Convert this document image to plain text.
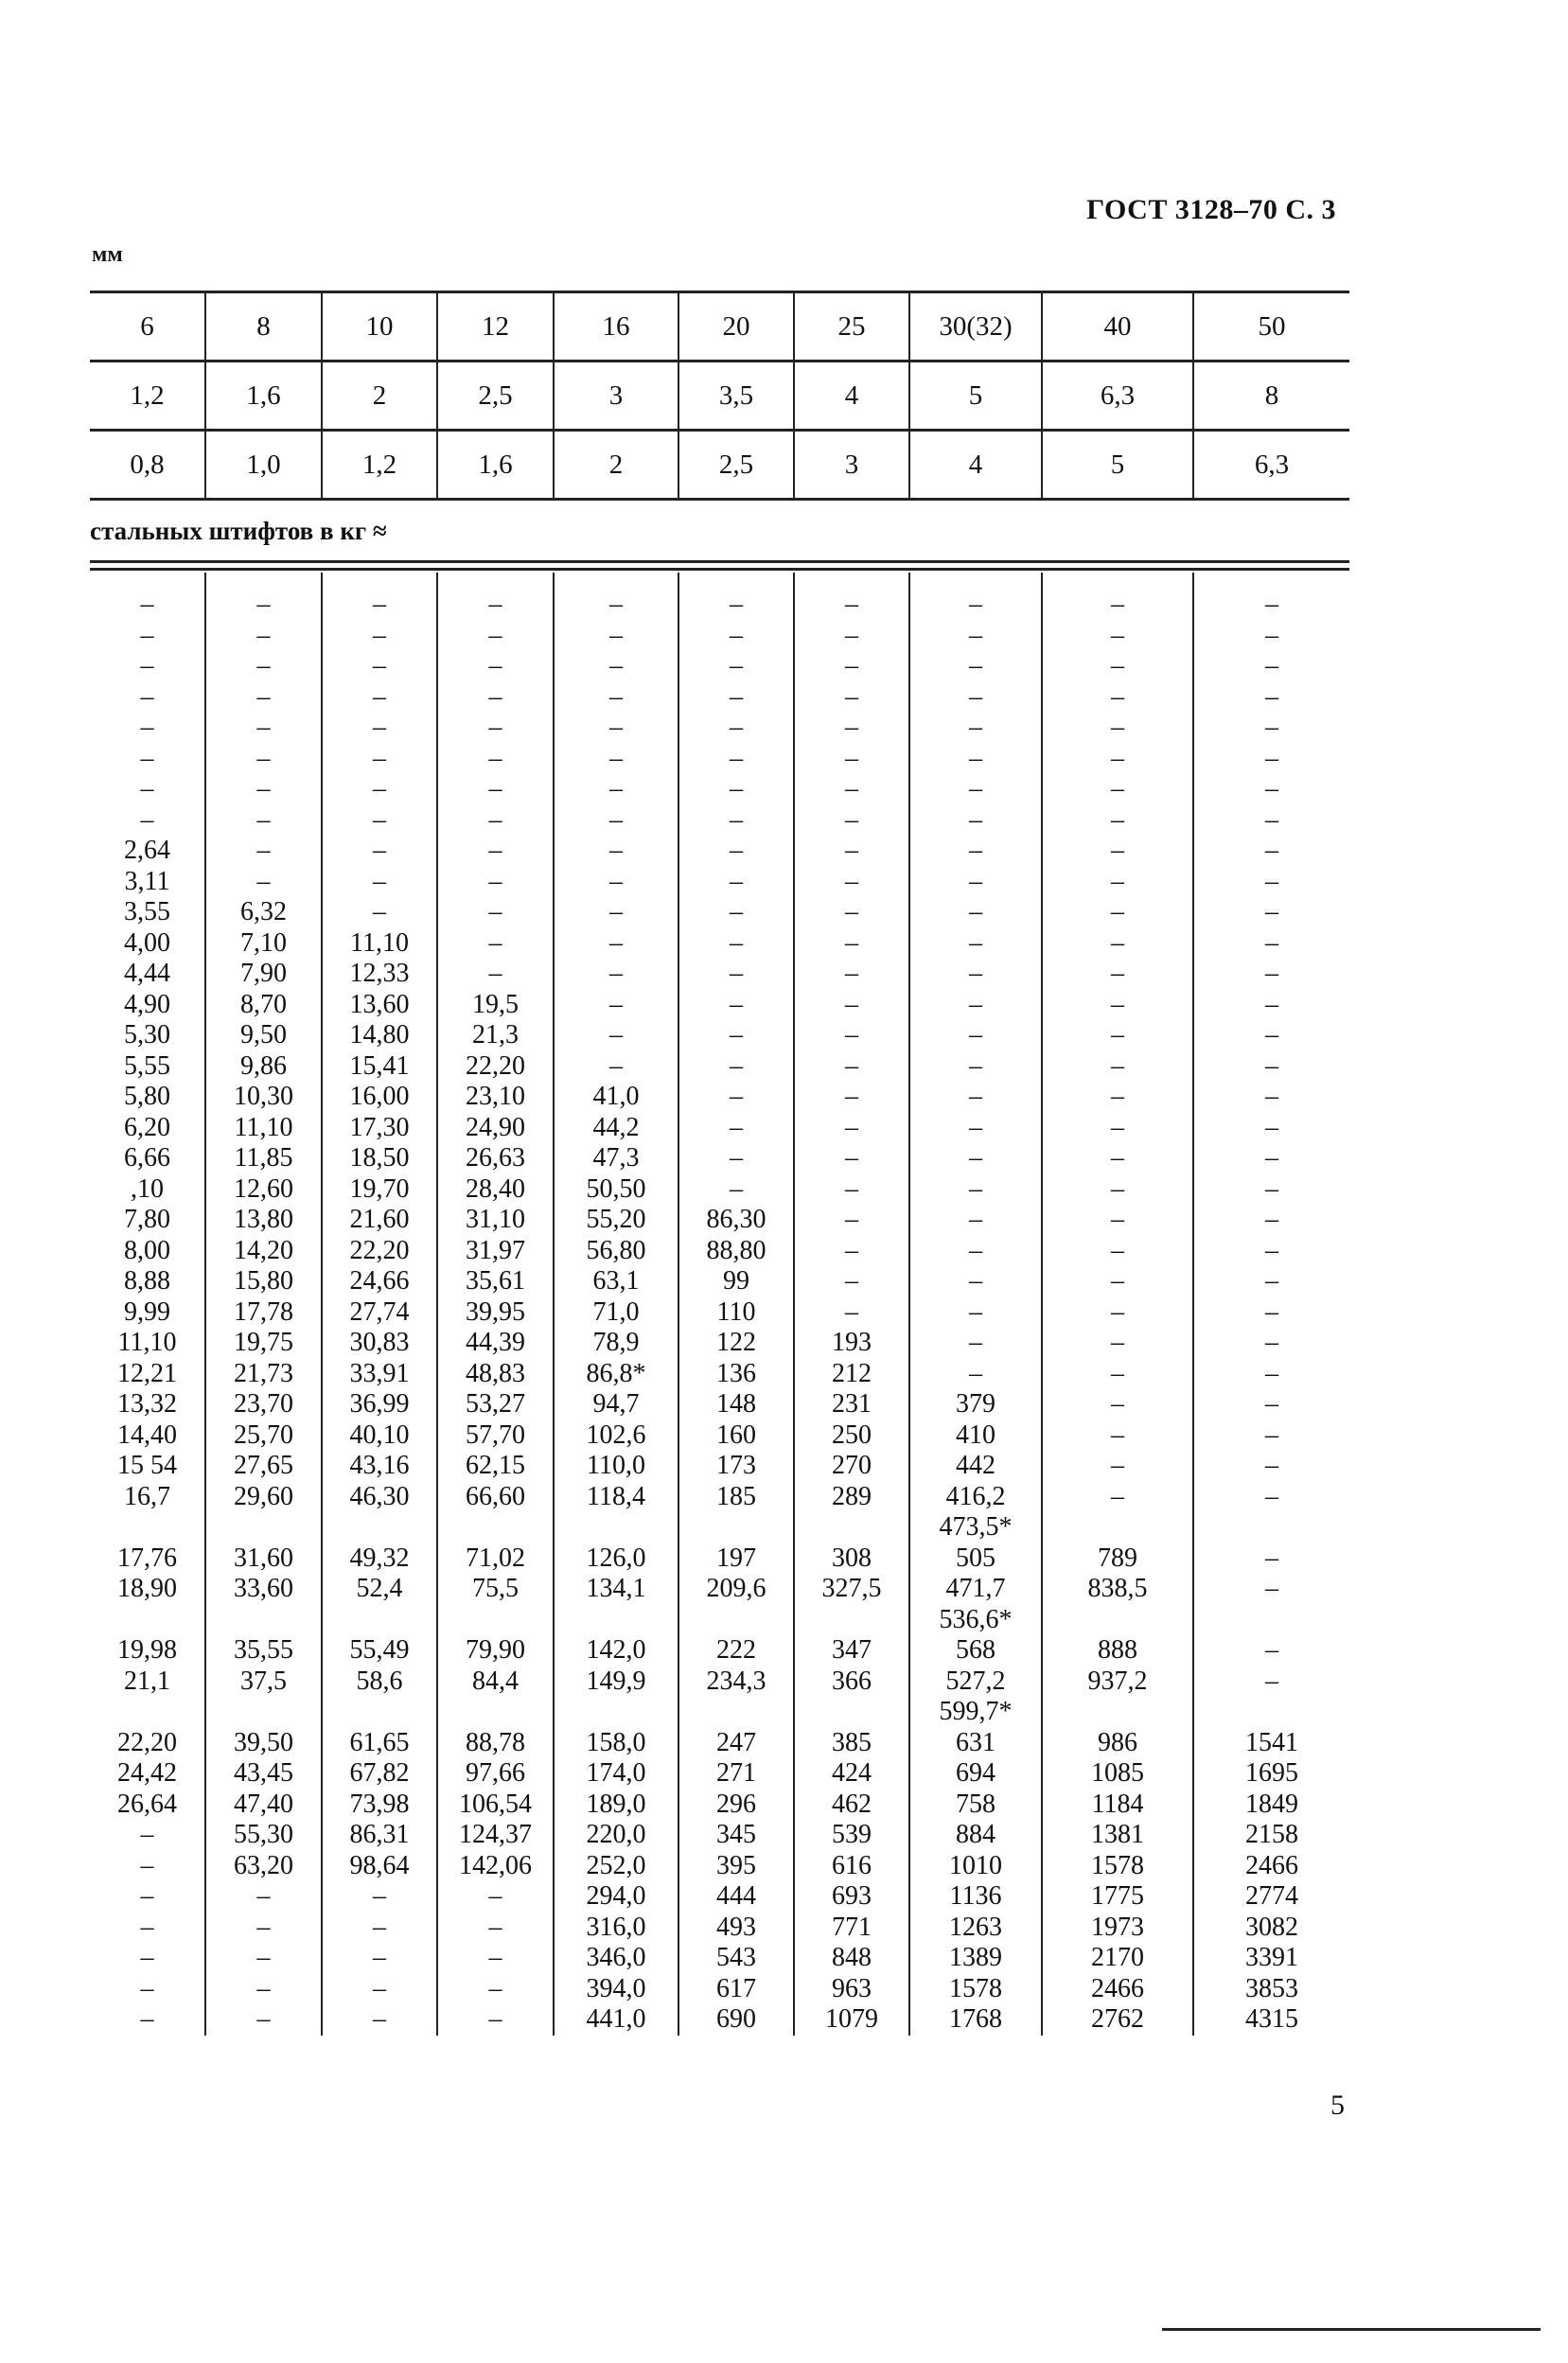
ГОСТ 3128–70 С. 3
мм
6	8	10	12	16	20	25	30(32)	40	50
1,2	1,6	2	2,5	3	3,5	4	5	6,3	8
0,8	1,0	1,2	1,6	2	2,5	3	4	5	6,3
стальных штифтов в кг ≈

–	–	–	–	–	–	–	–	–	–
–	–	–	–	–	–	–	–	–	–
–	–	–	–	–	–	–	–	–	–
–	–	–	–	–	–	–	–	–	–
–	–	–	–	–	–	–	–	–	–
–	–	–	–	–	–	–	–	–	–
–	–	–	–	–	–	–	–	–	–
–	–	–	–	–	–	–	–	–	–
2,64	–	–	–	–	–	–	–	–	–
3,11	–	–	–	–	–	–	–	–	–
3,55	6,32	–	–	–	–	–	–	–	–
4,00	7,10	11,10	–	–	–	–	–	–	–
4,44	7,90	12,33	–	–	–	–	–	–	–
4,90	8,70	13,60	19,5	–	–	–	–	–	–
5,30	9,50	14,80	21,3	–	–	–	–	–	–
5,55	9,86	15,41	22,20	–	–	–	–	–	–
5,80	10,30	16,00	23,10	41,0	–	–	–	–	–
6,20	11,10	17,30	24,90	44,2	–	–	–	–	–
6,66	11,85	18,50	26,63	47,3	–	–	–	–	–
,10	12,60	19,70	28,40	50,50	–	–	–	–	–
7,80	13,80	21,60	31,10	55,20	86,30	–	–	–	–
8,00	14,20	22,20	31,97	56,80	88,80	–	–	–	–
8,88	15,80	24,66	35,61	63,1	99	–	–	–	–
9,99	17,78	27,74	39,95	71,0	110	–	–	–	–
11,10	19,75	30,83	44,39	78,9	122	193	–	–	–
12,21	21,73	33,91	48,83	86,8*	136	212	–	–	–
13,32	23,70	36,99	53,27	94,7	148	231	379	–	–
14,40	25,70	40,10	57,70	102,6	160	250	410	–	–
15 54	27,65	43,16	62,15	110,0	173	270	442	–	–
16,7	29,60	46,30	66,60	118,4	185	289	416,2	–	–
							473,5*		
17,76	31,60	49,32	71,02	126,0	197	308	505	789	–
18,90	33,60	52,4	75,5	134,1	209,6	327,5	471,7	838,5	–
							536,6*		
19,98	35,55	55,49	79,90	142,0	222	347	568	888	–
21,1	37,5	58,6	84,4	149,9	234,3	366	527,2	937,2	–
							599,7*		
22,20	39,50	61,65	88,78	158,0	247	385	631	986	1541
24,42	43,45	67,82	97,66	174,0	271	424	694	1085	1695
26,64	47,40	73,98	106,54	189,0	296	462	758	1184	1849
–	55,30	86,31	124,37	220,0	345	539	884	1381	2158
–	63,20	98,64	142,06	252,0	395	616	1010	1578	2466
–	–	–	–	294,0	444	693	1136	1775	2774
–	–	–	–	316,0	493	771	1263	1973	3082
–	–	–	–	346,0	543	848	1389	2170	3391
–	–	–	–	394,0	617	963	1578	2466	3853
–	–	–	–	441,0	690	1079	1768	2762	4315
5
